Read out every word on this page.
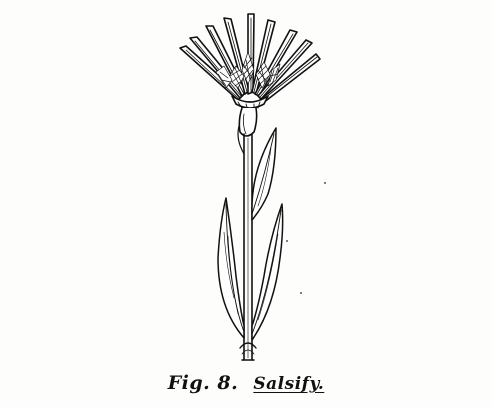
Fig. 8. Salsify.
